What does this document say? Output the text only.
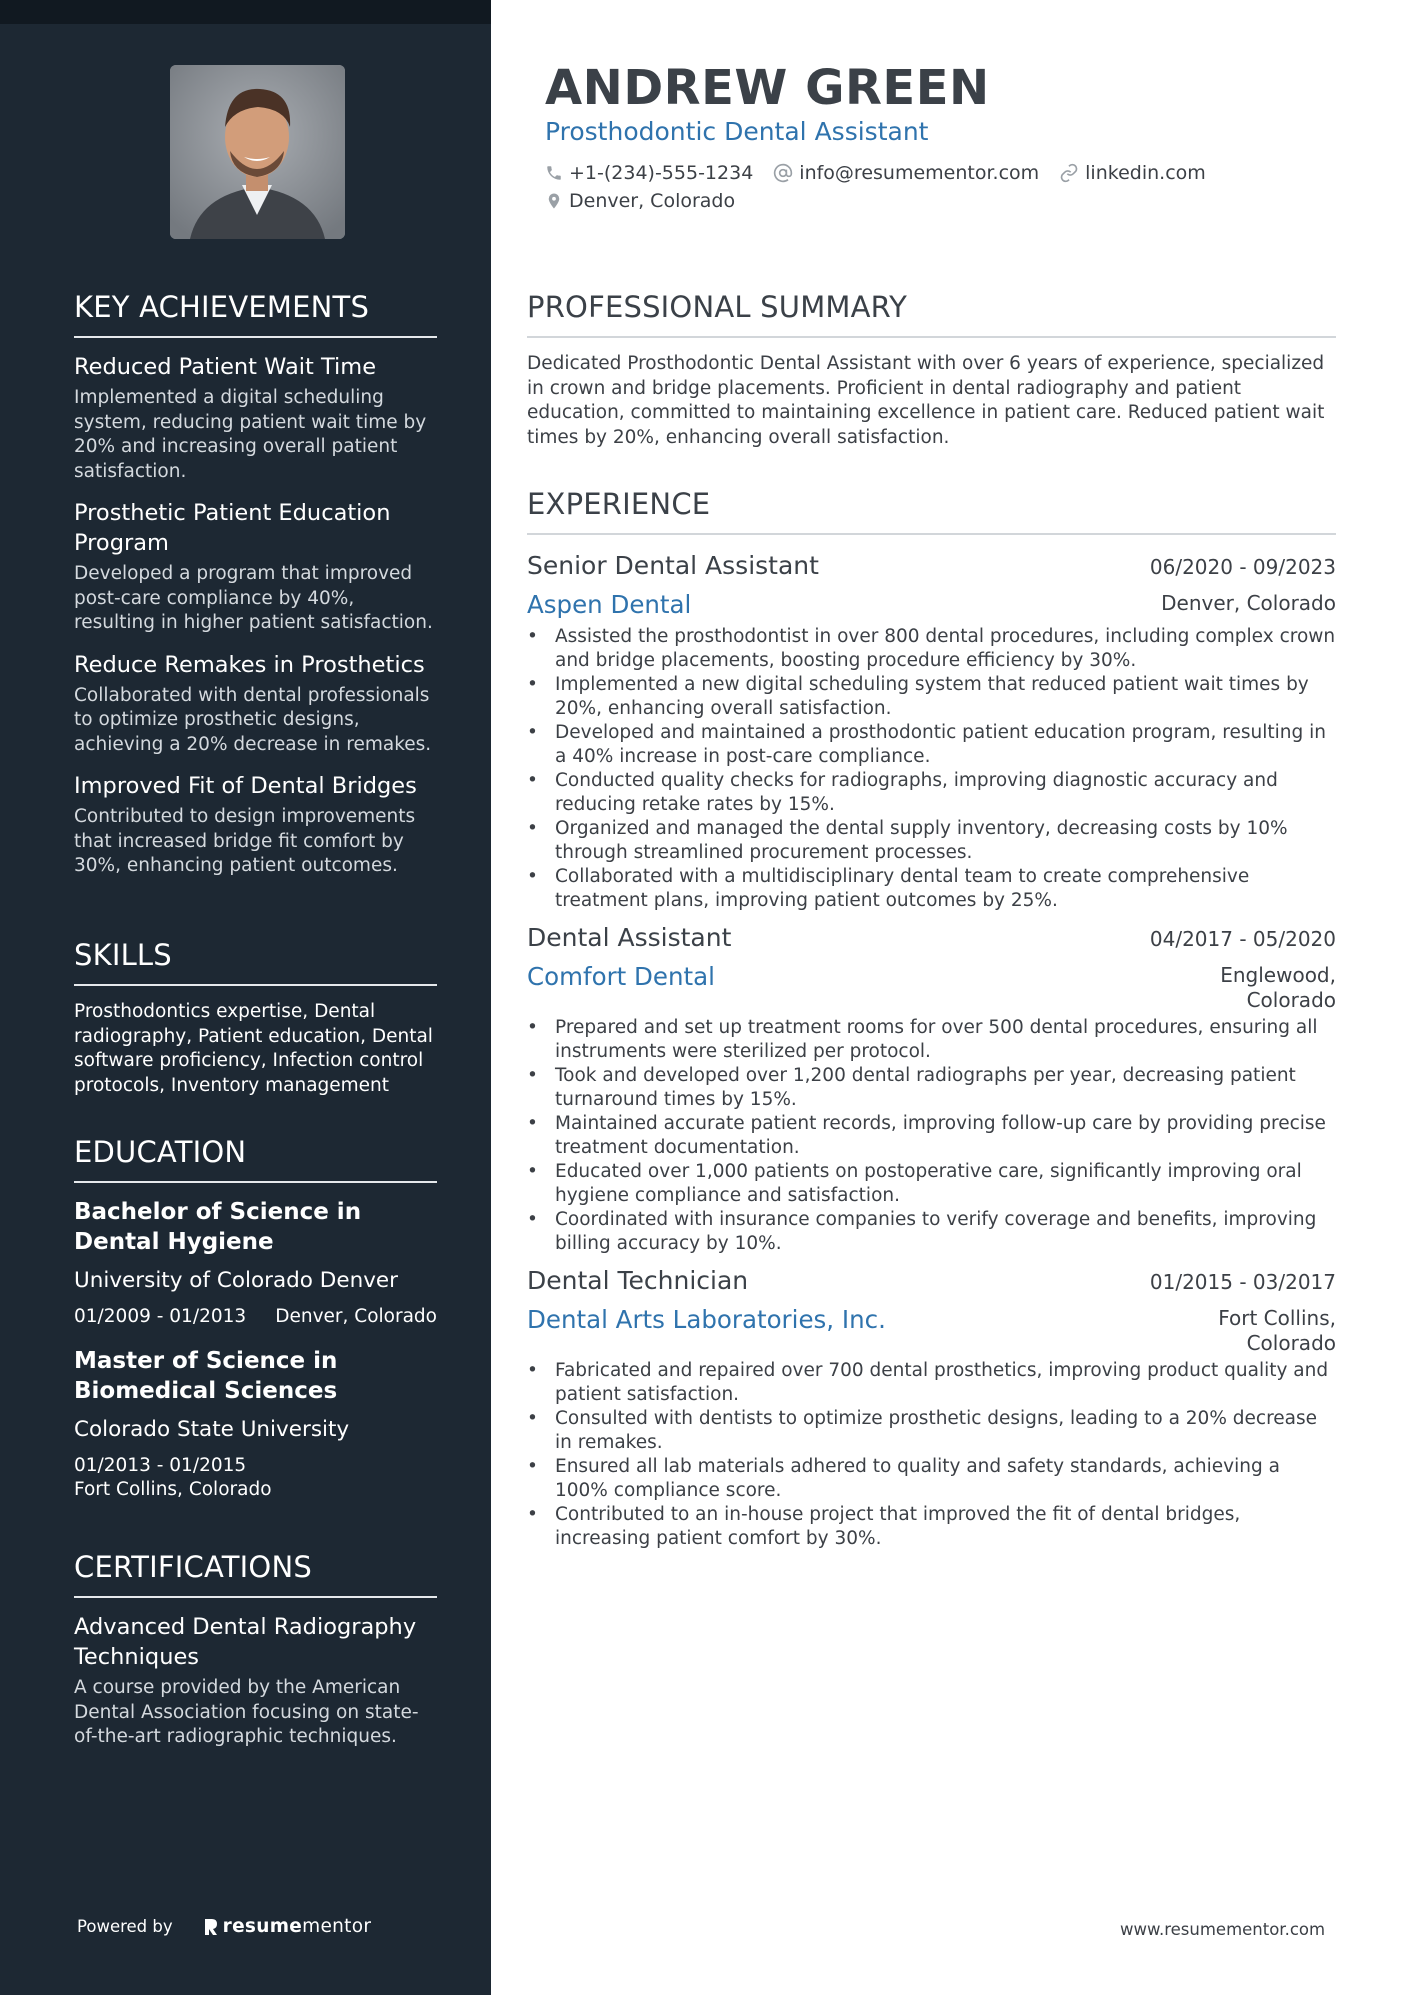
KEY ACHIEVEMENTS
Reduced Patient Wait Time
Implemented a digital scheduling system, reducing patient wait time by 20% and increasing overall patient satisfaction.
Prosthetic Patient Education Program
Developed a program that improved post-care compliance by 40%, resulting in higher patient satisfaction.
Reduce Remakes in Prosthetics
Collaborated with dental professionals to optimize prosthetic designs, achieving a 20% decrease in remakes.
Improved Fit of Dental Bridges
Contributed to design improvements that increased bridge fit comfort by 30%, enhancing patient outcomes.
SKILLS
Prosthodontics expertise, Dental radiography, Patient education, Dental software proficiency, Infection control protocols, Inventory management
EDUCATION
Bachelor of Science in Dental Hygiene
University of Colorado Denver
01/2009 - 01/2013 Denver, Colorado
Master of Science in Biomedical Sciences
Colorado State University
01/2013 - 01/2015
Fort Collins, Colorado
CERTIFICATIONS
Advanced Dental Radiography Techniques
A course provided by the American Dental Association focusing on state-of-the-art radiographic techniques.
Powered by	resume mentor
ANDREW GREEN
Prosthodontic Dental Assistant
+1-(234)-555-1234 info@resumementor.com linkedin.com
Denver, Colorado
PROFESSIONAL SUMMARY
Dedicated Prosthodontic Dental Assistant with over 6 years of experience, specialized in crown and bridge placements. Proficient in dental radiography and patient education, committed to maintaining excellence in patient care. Reduced patient wait times by 20%, enhancing overall satisfaction.
EXPERIENCE
Senior Dental Assistant	06/2020 - 09/2023
Aspen Dental	Denver, Colorado
• Assisted the prosthodontist in over 800 dental procedures, including complex crown and bridge placements, boosting procedure efficiency by 30%.
• Implemented a new digital scheduling system that reduced patient wait times by 20%, enhancing overall satisfaction.
• Developed and maintained a prosthodontic patient education program, resulting in a 40% increase in post-care compliance.
• Conducted quality checks for radiographs, improving diagnostic accuracy and reducing retake rates by 15%.
• Organized and managed the dental supply inventory, decreasing costs by 10% through streamlined procurement processes.
• Collaborated with a multidisciplinary dental team to create comprehensive treatment plans, improving patient outcomes by 25%.
Dental Assistant	04/2017 - 05/2020
Comfort Dental	Englewood, Colorado
• Prepared and set up treatment rooms for over 500 dental procedures, ensuring all instruments were sterilized per protocol.
• Took and developed over 1,200 dental radiographs per year, decreasing patient turnaround times by 15%.
• Maintained accurate patient records, improving follow-up care by providing precise treatment documentation.
• Educated over 1,000 patients on postoperative care, significantly improving oral hygiene compliance and satisfaction.
• Coordinated with insurance companies to verify coverage and benefits, improving billing accuracy by 10%.
Dental Technician	01/2015 - 03/2017
Dental Arts Laboratories, Inc.	Fort Collins, Colorado
• Fabricated and repaired over 700 dental prosthetics, improving product quality and patient satisfaction.
• Consulted with dentists to optimize prosthetic designs, leading to a 20% decrease in remakes.
• Ensured all lab materials adhered to quality and safety standards, achieving a 100% compliance score.
• Contributed to an in-house project that improved the fit of dental bridges, increasing patient comfort by 30%.
www.resumementor.com
